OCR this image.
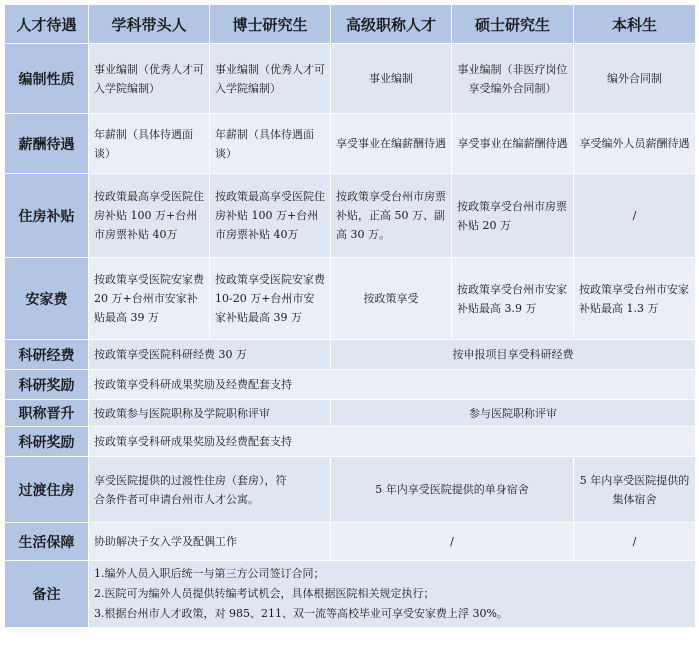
人才待遇	学科带头人	博士研究生	高级职称人才	硕士研究生	本科生
编制性质	事业编制（优秀人才可入学院编制）	事业编制（优秀人才可入学院编制）	事业编制	事业编制（非医疗岗位享受编外合同制）	编外合同制
薪酬待遇	年薪制（具体待遇面谈）	年薪制（具体待遇面谈）	享受事业在编薪酬待遇	享受事业在编薪酬待遇	享受编外人员薪酬待遇
住房补贴	按政策最高享受医院住房补贴 100 万+台州市房票补贴 40万	按政策最高享受医院住房补贴 100 万+台州市房票补贴 40万	按政策享受台州市房票补贴，正高 50 万、副高 30 万。	按政策享受台州市房票补贴 20 万	/
安家费	按政策享受医院安家费 20 万+台州市安家补贴最高 39 万	按政策享受医院安家费 10-20 万+台州市安家补贴最高 39 万	按政策享受	按政策享受台州市安家补贴最高 3.9 万	按政策享受台州市安家补贴最高 1.3 万
科研经费	按政策享受医院科研经费 30 万		按申报项目享受科研经费		
科研奖励	按政策享受科研成果奖励及经费配套支持				
职称晋升	按政策参与医院职称及学院职称评审		参与医院职称评审		
科研奖励	按政策享受科研成果奖励及经费配套支持				
过渡住房	享受医院提供的过渡性住房（套房），符合条件者可申请台州市人才公寓。		5 年内享受医院提供的单身宿舍		5 年内享受医院提供的集体宿舍
生活保障	协助解决子女入学及配偶工作		/		/
备注	1.编外人员入职后统一与第三方公司签订合同；
2.医院可为编外人员提供转编考试机会，具体根据医院相关规定执行；
3.根据台州市人才政策，对 985、211、双一流等高校毕业可享受安家费上浮 30%。				
